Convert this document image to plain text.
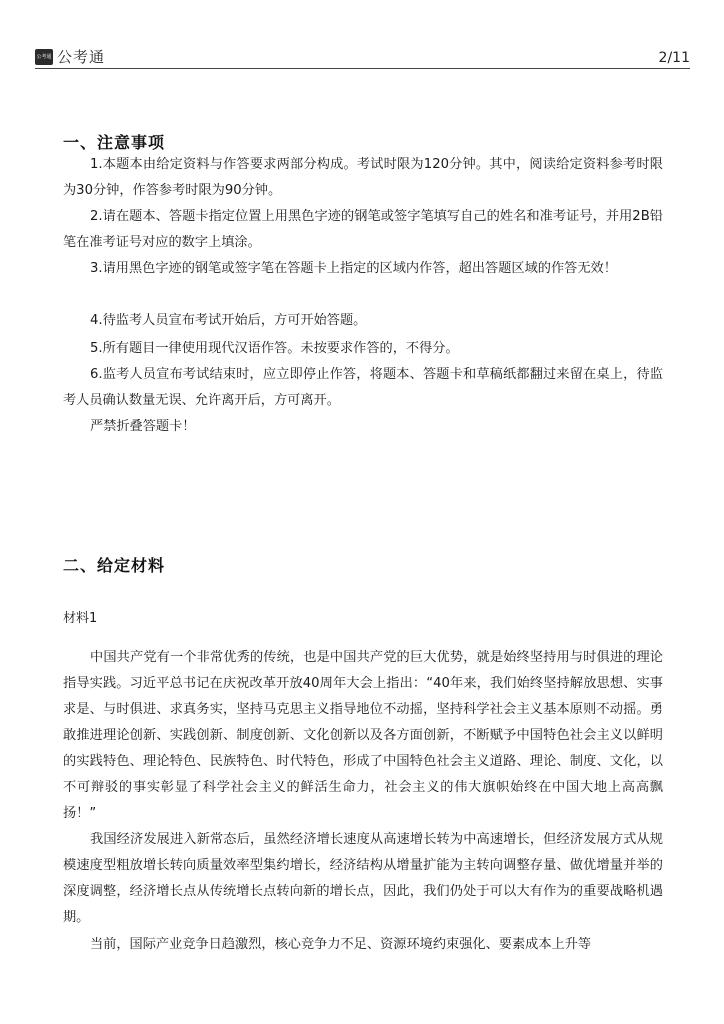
公考通 公考通	2/11
一、注意事项

1.本题本由给定资料与作答要求两部分构成。考试时限为120分钟。其中，阅读给定资料参考时限为30分钟，作答参考时限为90分钟。

2.请在题本、答题卡指定位置上用黑色字迹的钢笔或签字笔填写自己的姓名和准考证号，并用2B铅笔在准考证号对应的数字上填涂。

3.请用黑色字迹的钢笔或签字笔在答题卡上指定的区域内作答，超出答题区域的作答无效！

4.待监考人员宣布考试开始后，方可开始答题。

5.所有题目一律使用现代汉语作答。未按要求作答的，不得分。

6.监考人员宣布考试结束时，应立即停止作答，将题本、答题卡和草稿纸都翻过来留在桌上，待监考人员确认数量无误、允许离开后，方可离开。

严禁折叠答题卡！

二、给定材料
材料1

中国共产党有一个非常优秀的传统，也是中国共产党的巨大优势，就是始终坚持用与时俱进的理论指导实践。习近平总书记在庆祝改革开放40周年大会上指出：“40年来，我们始终坚持解放思想、实事求是、与时俱进、求真务实，坚持马克思主义指导地位不动摇，坚持科学社会主义基本原则不动摇。勇敢推进理论创新、实践创新、制度创新、文化创新以及各方面创新，不断赋予中国特色社会主义以鲜明的实践特色、理论特色、民族特色、时代特色，形成了中国特色社会主义道路、理论、制度、文化，以不可辩驳的事实彰显了科学社会主义的鲜活生命力，社会主义的伟大旗帜始终在中国大地上高高飘扬！”

我国经济发展进入新常态后，虽然经济增长速度从高速增长转为中高速增长，但经济发展方式从规模速度型粗放增长转向质量效率型集约增长，经济结构从增量扩能为主转向调整存量、做优增量并举的深度调整，经济增长点从传统增长点转向新的增长点，因此，我们仍处于可以大有作为的重要战略机遇期。

当前，国际产业竞争日趋激烈，核心竞争力不足、资源环境约束强化、要素成本上升等
